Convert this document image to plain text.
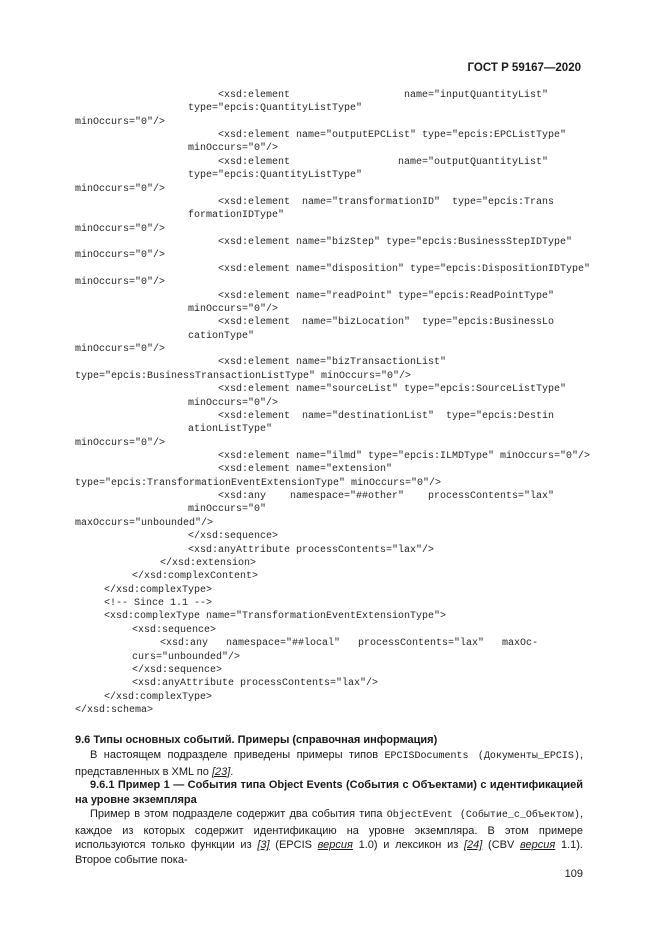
ГОСТ Р 59167—2020
<xsd:element                   name="inputQuantityList"
type="epcis:QuantityListType"
minOccurs="0"/>
<xsd:element name="outputEPCList" type="epcis:EPCListType"
minOccurs="0"/>
<xsd:element                  name="outputQuantityList"
type="epcis:QuantityListType"
minOccurs="0"/>
<xsd:element  name="transformationID"  type="epcis:Trans
formationIDType"
minOccurs="0"/>
<xsd:element name="bizStep" type="epcis:BusinessStepIDType"
minOccurs="0"/>
<xsd:element name="disposition" type="epcis:DispositionIDType"
minOccurs="0"/>
<xsd:element name="readPoint" type="epcis:ReadPointType"
minOccurs="0"/>
<xsd:element  name="bizLocation"  type="epcis:BusinessLo
cationType"
minOccurs="0"/>
<xsd:element name="bizTransactionList"
type="epcis:BusinessTransactionListType" minOccurs="0"/>
<xsd:element name="sourceList" type="epcis:SourceListType"
minOccurs="0"/>
<xsd:element  name="destinationList"  type="epcis:Destin
ationListType"
minOccurs="0"/>
<xsd:element name="ilmd" type="epcis:ILMDType" minOccurs="0"/>
<xsd:element name="extension"
type="epcis:TransformationEventExtensionType" minOccurs="0"/>
<xsd:any    namespace="##other"    processContents="lax"
minOccurs="0"
maxOccurs="unbounded"/>
</xsd:sequence>
<xsd:anyAttribute processContents="lax"/>
</xsd:extension>
</xsd:complexContent>
</xsd:complexType>
<!-- Since 1.1 -->
<xsd:complexType name="TransformationEventExtensionType">
<xsd:sequence>
<xsd:any   namespace="##local"   processContents="lax"   maxOc-
curs="unbounded"/>
</xsd:sequence>
<xsd:anyAttribute processContents="lax"/>
</xsd:complexType>
</xsd:schema>
9.6 Типы основных событий. Примеры (справочная информация)
В настоящем подразделе приведены примеры типов EPCISDocuments (Документы_EPCIS), представленных в XML по [23].
9.6.1 Пример 1 — События типа Object Events (События с Объектами) с идентификацией на уровне экземпляра
Пример в этом подразделе содержит два события типа ObjectEvent (Событие_с_Объектом), каждое из которых содержит идентификацию на уровне экземпляра. В этом примере используются только функции из [3] (EPCIS версия 1.0) и лексикон из [24] (CBV версия 1.1). Второе событие пока-
109
